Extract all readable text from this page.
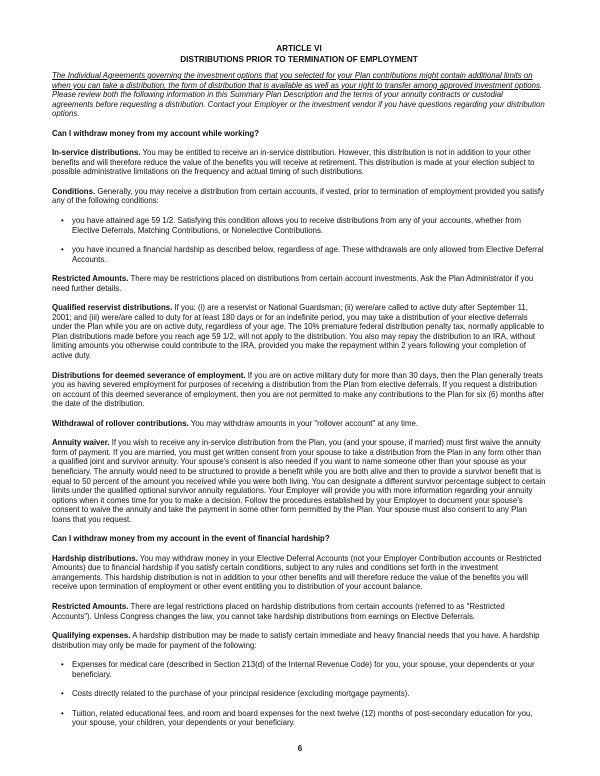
ARTICLE VI

DISTRIBUTIONS PRIOR TO TERMINATION OF EMPLOYMENT

The Individual Agreements governing the investment options that you selected for your Plan contributions might contain additional limits on when you can take a distribution, the form of distribution that is available as well as your right to transfer among approved investment options. Please review both the following information in this Summary Plan Description and the terms of your annuity contracts or custodial agreements before requesting a distribution. Contact your Employer or the investment vendor if you have questions regarding your distribution options.

Can I withdraw money from my account while working?

In-service distributions. You may be entitled to receive an in-service distribution. However, this distribution is not in addition to your other benefits and will therefore reduce the value of the benefits you will receive at retirement. This distribution is made at your election subject to possible administrative limitations on the frequency and actual timing of such distributions.

Conditions. Generally, you may receive a distribution from certain accounts, if vested, prior to termination of employment provided you satisfy any of the following conditions:

• you have attained age 59 1/2. Satisfying this condition allows you to receive distributions from any of your accounts, whether from Elective Deferrals, Matching Contributions, or Nonelective Contributions.

• you have incurred a financial hardship as described below, regardless of age. These withdrawals are only allowed from Elective Deferral Accounts.

Restricted Amounts. There may be restrictions placed on distributions from certain account investments. Ask the Plan Administrator if you need further details.

Qualified reservist distributions. If you: (i) are a reservist or National Guardsman; (ii) were/are called to active duty after September 11, 2001; and (iii) were/are called to duty for at least 180 days or for an indefinite period, you may take a distribution of your elective deferrals under the Plan while you are on active duty, regardless of your age. The 10% premature federal distribution penalty tax, normally applicable to Plan distributions made before you reach age 59 1/2, will not apply to the distribution. You also may repay the distribution to an IRA, without limiting amounts you otherwise could contribute to the IRA, provided you make the repayment within 2 years following your completion of active duty.

Distributions for deemed severance of employment. If you are on active military duty for more than 30 days, then the Plan generally treats you as having severed employment for purposes of receiving a distribution from the Plan from elective deferrals. If you request a distribution on account of this deemed severance of employment, then you are not permitted to make any contributions to the Plan for six (6) months after the date of the distribution.

Withdrawal of rollover contributions. You may withdraw amounts in your "rollover account" at any time.

Annuity waiver. If you wish to receive any in-service distribution from the Plan, you (and your spouse, if married) must first waive the annuity form of payment. If you are married, you must get written consent from your spouse to take a distribution from the Plan in any form other than a qualified joint and survivor annuity. Your spouse's consent is also needed if you want to name someone other than your spouse as your beneficiary. The annuity would need to be structured to provide a benefit while you are both alive and then to provide a survivor benefit that is equal to 50 percent of the amount you received while you were both living. You can designate a different survivor percentage subject to certain limits under the qualified optional survivor annuity regulations. Your Employer will provide you with more information regarding your annuity options when it comes time for you to make a decision. Follow the procedures established by your Employer to document your spouse's consent to waive the annuity and take the payment in some other form permitted by the Plan. Your spouse must also consent to any Plan loans that you request.

Can I withdraw money from my account in the event of financial hardship?

Hardship distributions. You may withdraw money in your Elective Deferral Accounts (not your Employer Contribution accounts or Restricted Amounts) due to financial hardship if you satisfy certain conditions, subject to any rules and conditions set forth in the investment arrangements. This hardship distribution is not in addition to your other benefits and will therefore reduce the value of the benefits you will receive upon termination of employment or other event entitling you to distribution of your account balance.

Restricted Amounts. There are legal restrictions placed on hardship distributions from certain accounts (referred to as "Restricted Accounts"). Unless Congress changes the law, you cannot take hardship distributions from earnings on Elective Deferrals.

Qualifying expenses. A hardship distribution may be made to satisfy certain immediate and heavy financial needs that you have. A hardship distribution may only be made for payment of the following:

• Expenses for medical care (described in Section 213(d) of the Internal Revenue Code) for you, your spouse, your dependents or your beneficiary.

• Costs directly related to the purchase of your principal residence (excluding mortgage payments).

• Tuition, related educational fees, and room and board expenses for the next twelve (12) months of post-secondary education for you, your spouse, your children, your dependents or your beneficiary.

6
